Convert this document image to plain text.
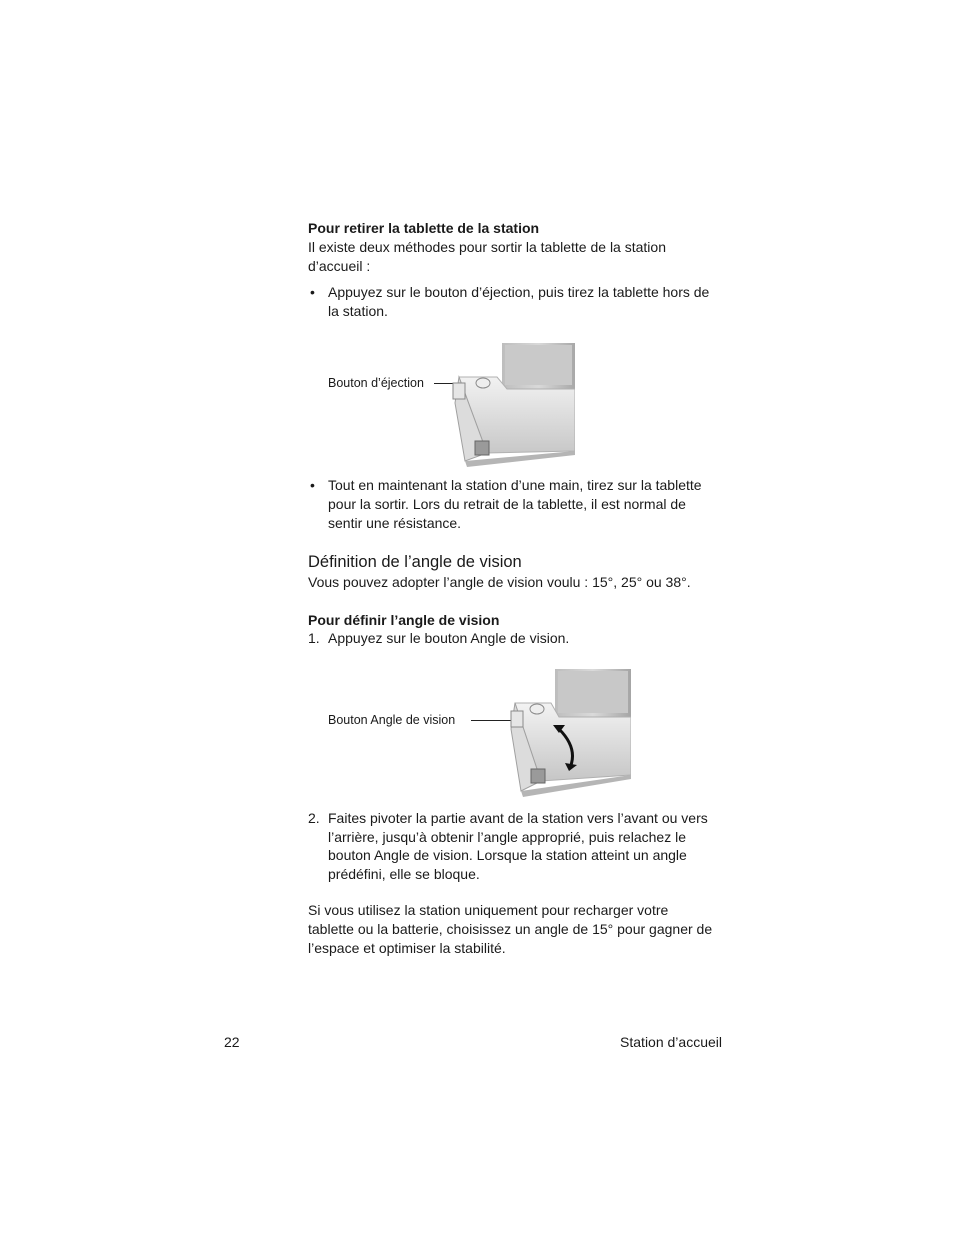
Pour retirer la tablette de la station
Il existe deux méthodes pour sortir la tablette de la station
d’accueil :
• Appuyez sur le bouton d’éjection, puis tirez la tablette hors de
la station.
Bouton d’éjection
• Tout en maintenant la station d’une main, tirez sur la tablette
pour la sortir. Lors du retrait de la tablette, il est normal de
sentir une résistance.
Définition de l’angle de vision
Vous pouvez adopter l’angle de vision voulu : 15°, 25° ou 38°.
Pour définir l’angle de vision
1. Appuyez sur le bouton Angle de vision.
Bouton Angle de vision
2. Faites pivoter la partie avant de la station vers l’avant ou vers
l’arrière, jusqu’à obtenir l’angle approprié, puis relachez le
bouton Angle de vision. Lorsque la station atteint un angle
prédéfini, elle se bloque.
Si vous utilisez la station uniquement pour recharger votre
tablette ou la batterie, choisissez un angle de 15° pour gagner de
l’espace et optimiser la stabilité.
22	Station d’accueil
